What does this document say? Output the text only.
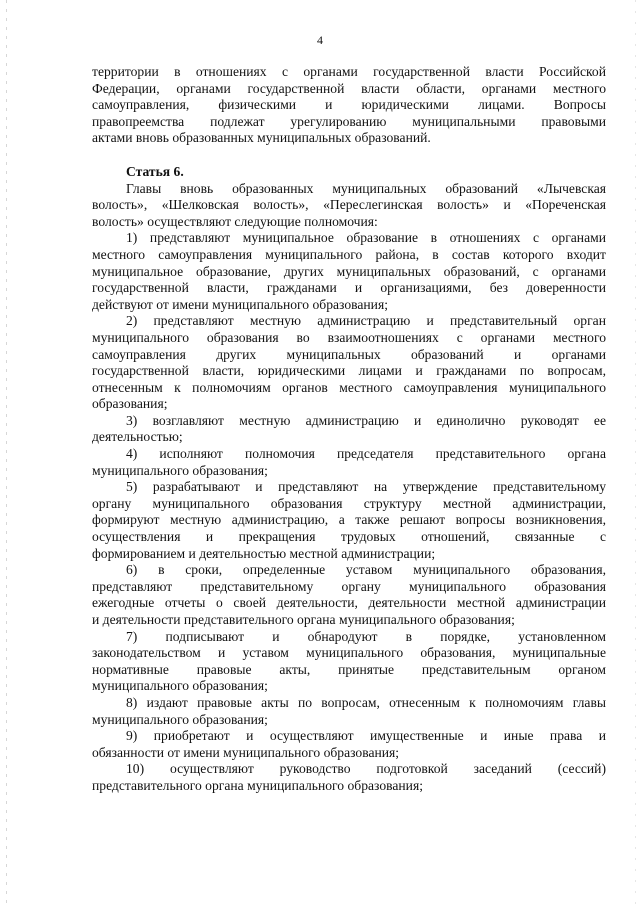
4

территории в отношениях с органами государственной власти Российской

Федерации, органами государственной власти области, органами местного

самоуправления, физическими и юридическими лицами. Вопросы

правопреемства подлежат урегулированию муниципальными правовыми

актами вновь образованных муниципальных образований.

Статья 6.

Главы вновь образованных муниципальных образований «Лычевская

волость», «Шелковская волость», «Переслегинская волость» и «Пореченская

волость» осуществляют следующие полномочия:

1) представляют муниципальное образование в отношениях с органами

местного самоуправления муниципального района, в состав которого входит

муниципальное образование, других муниципальных образований, с органами

государственной власти, гражданами и организациями, без доверенности

действуют от имени муниципального образования;

2) представляют местную администрацию и представительный орган

муниципального образования во взаимоотношениях с органами местного

самоуправления других муниципальных образований и органами

государственной власти, юридическими лицами и гражданами по вопросам,

отнесенным к полномочиям органов местного самоуправления муниципального

образования;

3) возглавляют местную администрацию и единолично руководят ее

деятельностью;

4) исполняют полномочия председателя представительного органа

муниципального образования;

5) разрабатывают и представляют на утверждение представительному

органу муниципального образования структуру местной администрации,

формируют местную администрацию, а также решают вопросы возникновения,

осуществления и прекращения трудовых отношений, связанные с

формированием и деятельностью местной администрации;

6) в сроки, определенные уставом муниципального образования,

представляют представительному органу муниципального образования

ежегодные отчеты о своей деятельности, деятельности местной администрации

и деятельности представительного органа муниципального образования;

7) подписывают и обнародуют в порядке, установленном

законодательством и уставом муниципального образования, муниципальные

нормативные правовые акты, принятые представительным органом

муниципального образования;

8) издают правовые акты по вопросам, отнесенным к полномочиям главы

муниципального образования;

9) приобретают и осуществляют имущественные и иные права и

обязанности от имени муниципального образования;

10) осуществляют руководство подготовкой заседаний (сессий)

представительного органа муниципального образования;
